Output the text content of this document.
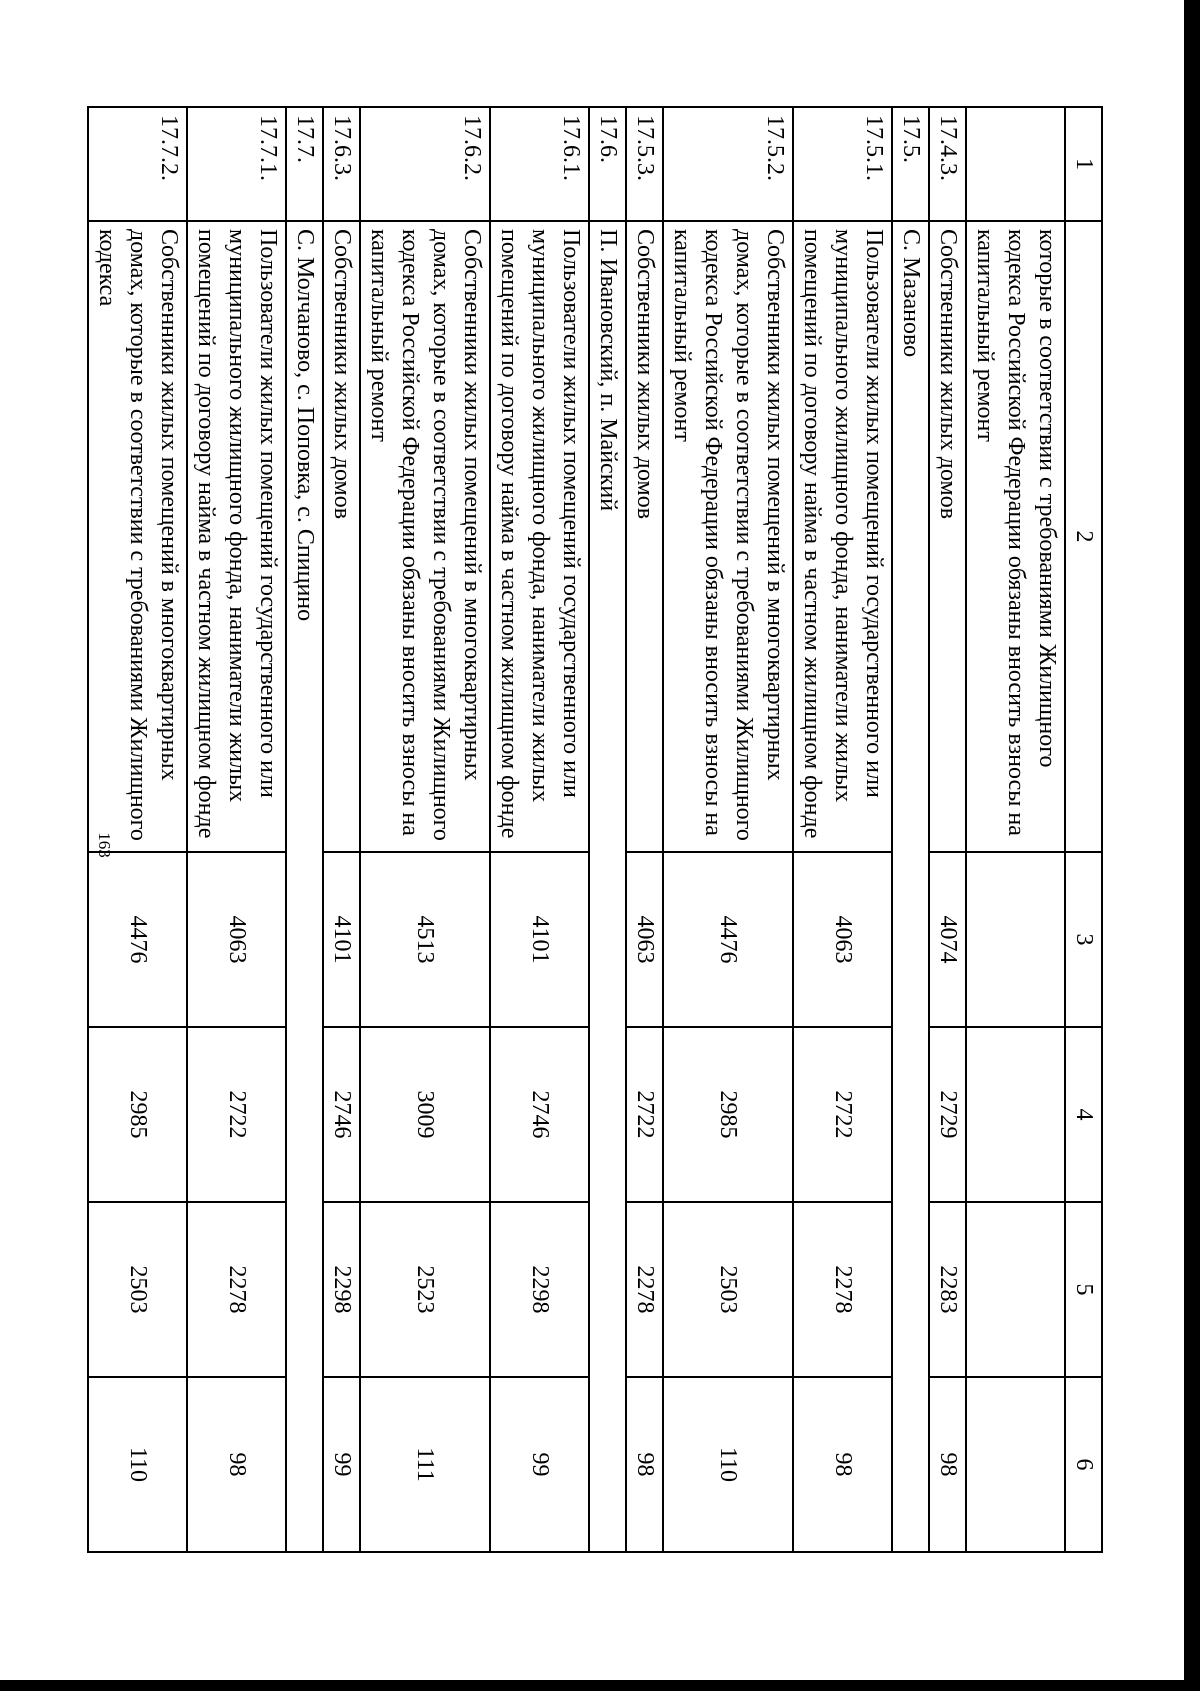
163
1	2	3	4	5	6
	которые в соответствии с требованиями Жилищного кодекса Российской Федерации обязаны вносить взносы на капитальный ремонт				
17.4.3.	Собственники жилых домов	4074	2729	2283	98
17.5.	С. Мазаново				
17.5.1.	Пользователи жилых помещений государственного или муниципального жилищного фонда, наниматели жилых помещений по договору найма в частном жилищном фонде	4063	2722	2278	98
17.5.2.	Собственники жилых помещений в многоквартирных домах, которые в соответствии с требованиями Жилищного кодекса Российской Федерации обязаны вносить взносы на капитальный ремонт	4476	2985	2503	110
17.5.3.	Собственники жилых домов	4063	2722	2278	98
17.6.	П. Ивановский, п. Майский				
17.6.1.	Пользователи жилых помещений государственного или муниципального жилищного фонда, наниматели жилых помещений по договору найма в частном жилищном фонде	4101	2746	2298	99
17.6.2.	Собственники жилых помещений в многоквартирных домах, которые в соответствии с требованиями Жилищного кодекса Российской Федерации обязаны вносить взносы на капитальный ремонт	4513	3009	2523	111
17.6.3.	Собственники жилых домов	4101	2746	2298	99
17.7.	С. Молчаново, с. Поповка, с. Спицино				
17.7.1.	Пользователи жилых помещений государственного или муниципального жилищного фонда, наниматели жилых помещений по договору найма в частном жилищном фонде	4063	2722	2278	98
17.7.2.	Собственники жилых помещений в многоквартирных домах, которые в соответствии с требованиями Жилищного кодекса	4476	2985	2503	110
